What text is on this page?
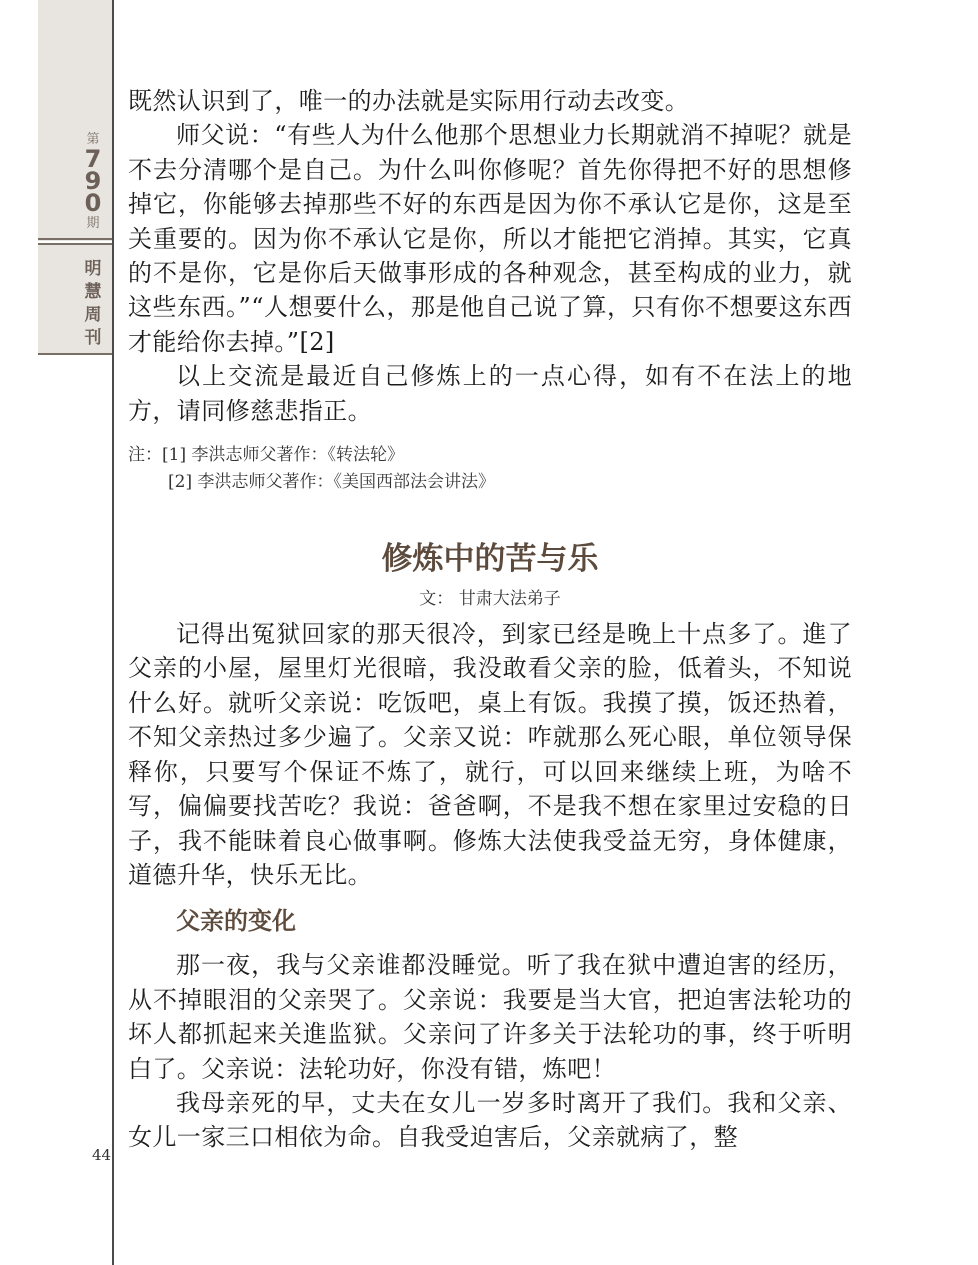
第
7
9
0
期
明
慧
周
刊
44

既然认识到了，唯一的办法就是实际用行动去改变。

师父说：“有些人为什么他那个思想业力长期就消不掉呢？就是不去分清哪个是自己。为什么叫你修呢？首先你得把不好的思想修掉它，你能够去掉那些不好的东西是因为你不承认它是你，这是至关重要的。因为你不承认它是你，所以才能把它消掉。其实，它真的不是你，它是你后天做事形成的各种观念，甚至构成的业力，就这些东西。”“人想要什么，那是他自己说了算，只有你不想要这东西才能给你去掉。”[2]

以上交流是最近自己修炼上的一点心得，如有不在法上的地方，请同修慈悲指正。

注：[1] 李洪志师父著作：《转法轮》
[2] 李洪志师父著作：《美国西部法会讲法》
修炼中的苦与乐
文： 甘肃大法弟子

记得出冤狱回家的那天很冷，到家已经是晚上十点多了。進了父亲的小屋，屋里灯光很暗，我没敢看父亲的脸，低着头，不知说什么好。就听父亲说：吃饭吧，桌上有饭。我摸了摸，饭还热着，不知父亲热过多少遍了。父亲又说：咋就那么死心眼，单位领导保释你，只要写个保证不炼了，就行，可以回来继续上班，为啥不写，偏偏要找苦吃？我说：爸爸啊，不是我不想在家里过安稳的日子，我不能昧着良心做事啊。修炼大法使我受益无穷，身体健康，道德升华，快乐无比。

父亲的变化

那一夜，我与父亲谁都没睡觉。听了我在狱中遭迫害的经历，从不掉眼泪的父亲哭了。父亲说：我要是当大官，把迫害法轮功的坏人都抓起来关進监狱。父亲问了许多关于法轮功的事，终于听明白了。父亲说：法轮功好，你没有错，炼吧！

我母亲死的早，丈夫在女儿一岁多时离开了我们。我和父亲、女儿一家三口相依为命。自我受迫害后，父亲就病了，整
